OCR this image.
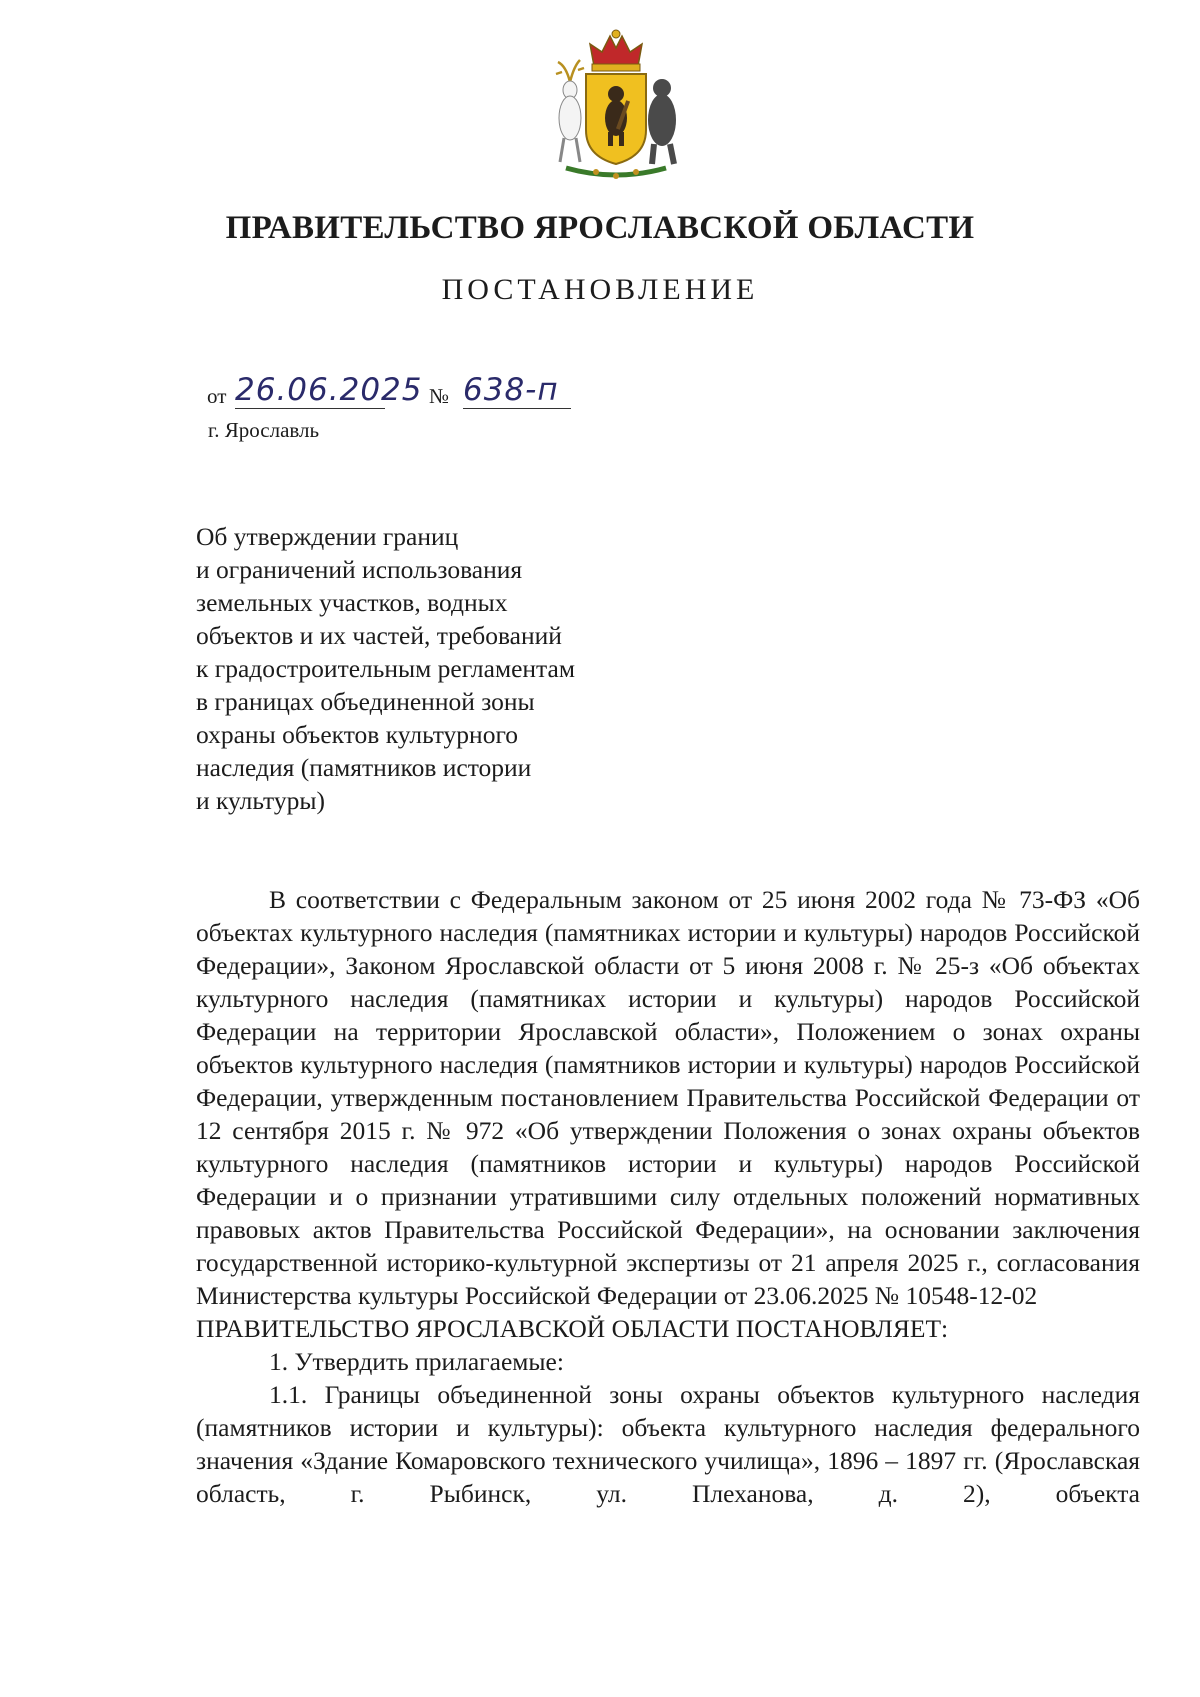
ПРАВИТЕЛЬСТВО ЯРОСЛАВСКОЙ ОБЛАСТИ
ПОСТАНОВЛЕНИЕ
от 26.06.2025 № 638-п
г. Ярославль
Об утверждении границ
и ограничений использования
земельных участков, водных
объектов и их частей, требований
к градостроительным регламентам
в границах объединенной зоны
охраны объектов культурного
наследия (памятников истории
и культуры)

В соответствии с Федеральным законом от 25 июня 2002 года № 73-ФЗ «Об объектах культурного наследия (памятниках истории и культуры) народов Российской Федерации», Законом Ярославской области от 5 июня 2008 г. № 25-з «Об объектах культурного наследия (памятниках истории и культуры) народов Российской Федерации на территории Ярославской области», Положением о зонах охраны объектов культурного наследия (памятников истории и культуры) народов Российской Федерации, утвержденным постановлением Правительства Российской Федерации от 12 сентября 2015 г. № 972 «Об утверждении Положения о зонах охраны объектов культурного наследия (памятников истории и культуры) народов Российской Федерации и о признании утратившими силу отдельных положений нормативных правовых актов Правительства Российской Федерации», на основании заключения государственной историко-культурной экспертизы от 21 апреля 2025 г., согласования Министерства культуры Российской Федерации от 23.06.2025 № 10548-12-02

ПРАВИТЕЛЬСТВО ЯРОСЛАВСКОЙ ОБЛАСТИ ПОСТАНОВЛЯЕТ:

1. Утвердить прилагаемые:

1.1. Границы объединенной зоны охраны объектов культурного наследия (памятников истории и культуры): объекта культурного наследия федерального значения «Здание Комаровского технического училища», 1896 – 1897 гг. (Ярославская область, г. Рыбинск, ул. Плеханова, д. 2), объекта
